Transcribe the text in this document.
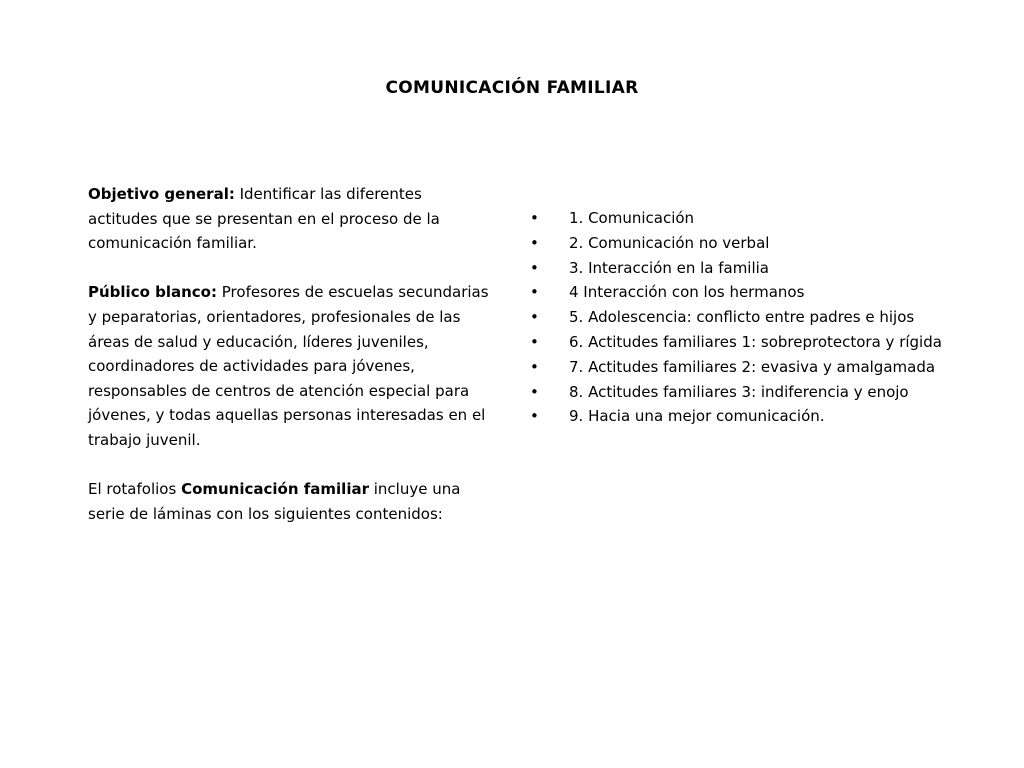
COMUNICACIÓN FAMILIAR

Objetivo general: Identificar las diferentes actitudes que se presentan en el proceso de la comunicación familiar.

Público blanco: Profesores de escuelas secundarias y peparatorias, orientadores, profesionales de las áreas de salud y educación, líderes juveniles, coordinadores de actividades para jóvenes, responsables de centros de atención especial para jóvenes, y todas aquellas personas interesadas en el trabajo juvenil.

El rotafolios Comunicación familiar incluye una serie de láminas con los siguientes contenidos:

• 1. Comunicación
• 2. Comunicación no verbal
• 3. Interacción en la familia
• 4 Interacción con los hermanos
• 5. Adolescencia: conflicto entre padres e hijos
• 6. Actitudes familiares 1: sobreprotectora y rígida
• 7. Actitudes familiares 2: evasiva y amalgamada
• 8. Actitudes familiares 3: indiferencia y enojo
• 9. Hacia una mejor comunicación.
